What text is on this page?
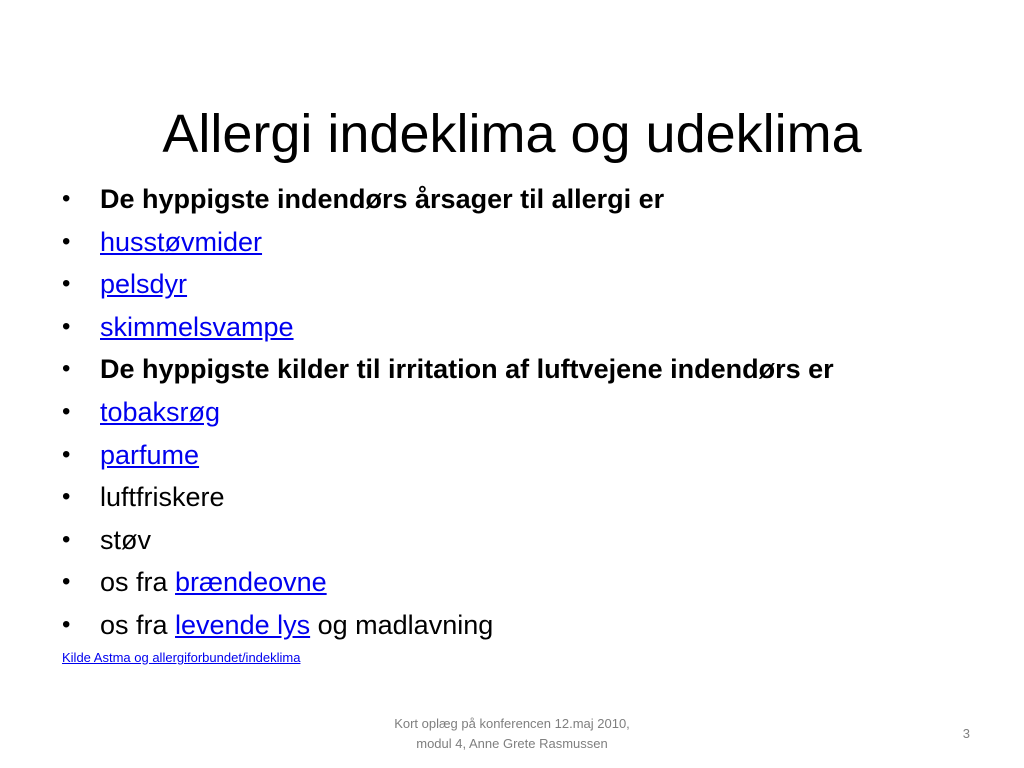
Allergi indeklima og udeklima
• De hyppigste indendørs årsager til allergi er
• husstøvmider
• pelsdyr
• skimmelsvampe
• De hyppigste kilder til irritation af luftvejene indendørs er
• tobaksrøg
• parfume
• luftfriskere
• støv
• os fra brændeovne
• os fra levende lys og madlavning
Kilde Astma og allergiforbundet/indeklima
Kort oplæg på konferencen 12.maj 2010,
modul 4, Anne Grete Rasmussen
3
